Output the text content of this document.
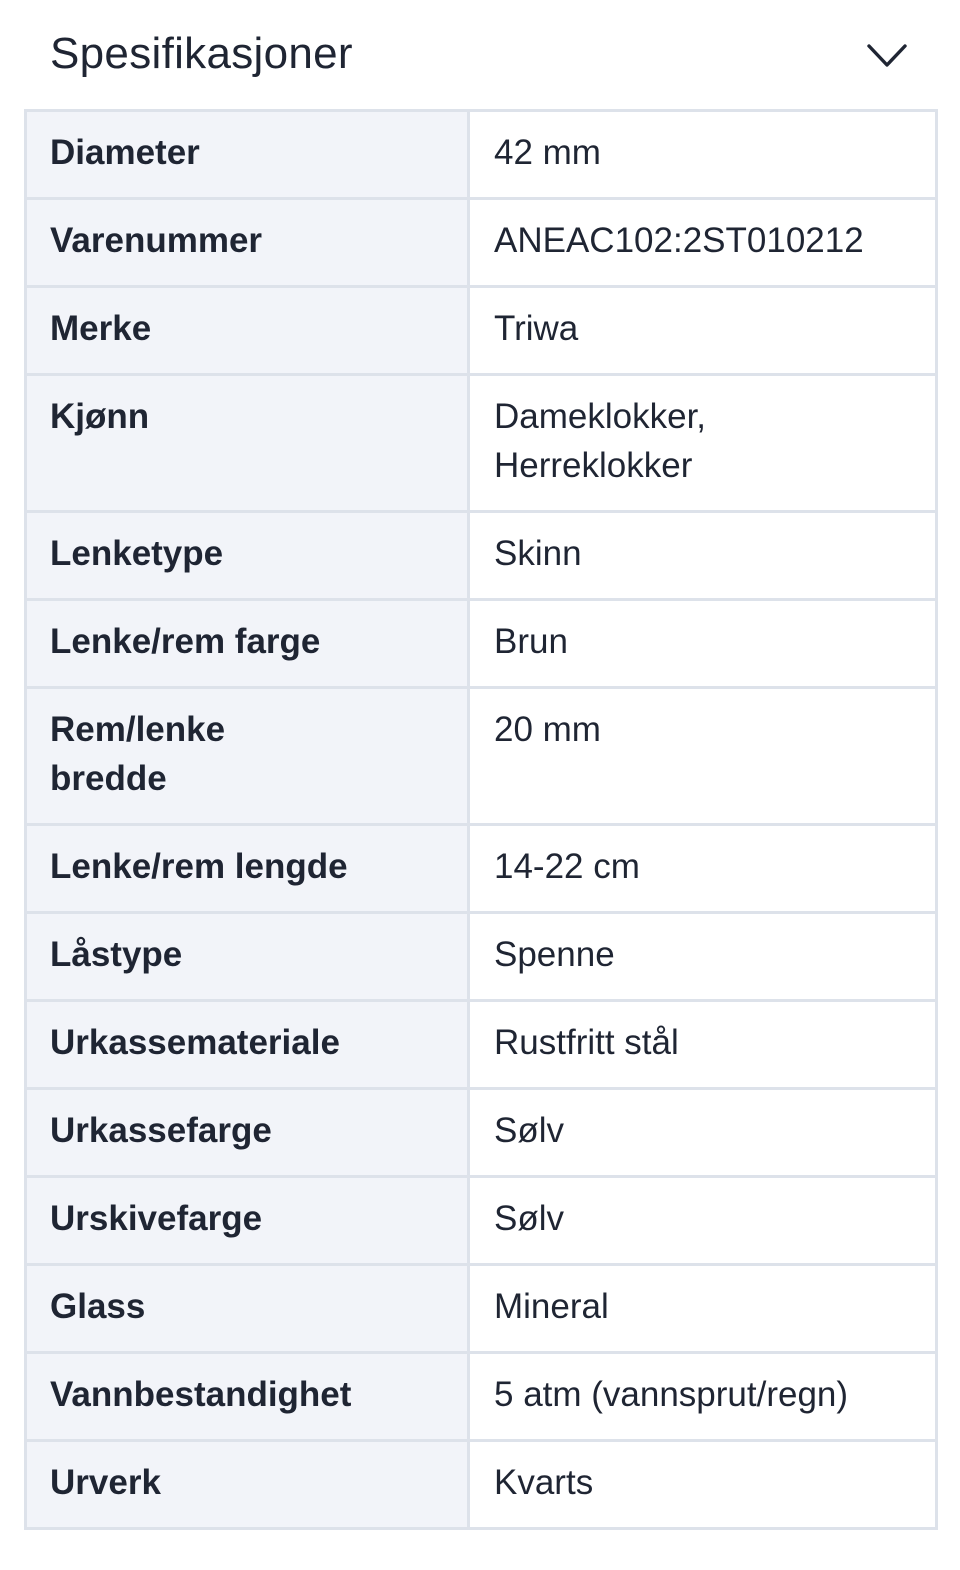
Spesifikasjoner
Diameter	42 mm

Varenummer	ANEAC102:2ST010212

Merke	Triwa

Kjønn	Dameklokker,
Herreklokker

Lenketype	Skinn

Lenke/rem farge	Brun

Rem/lenke
bredde	20 mm

Lenke/rem lengde	14-22 cm

Låstype	Spenne

Urkassemateriale	Rustfritt stål

Urkassefarge	Sølv

Urskivefarge	Sølv

Glass	Mineral

Vannbestandighet	5 atm (vannsprut/regn)

Urverk	Kvarts
